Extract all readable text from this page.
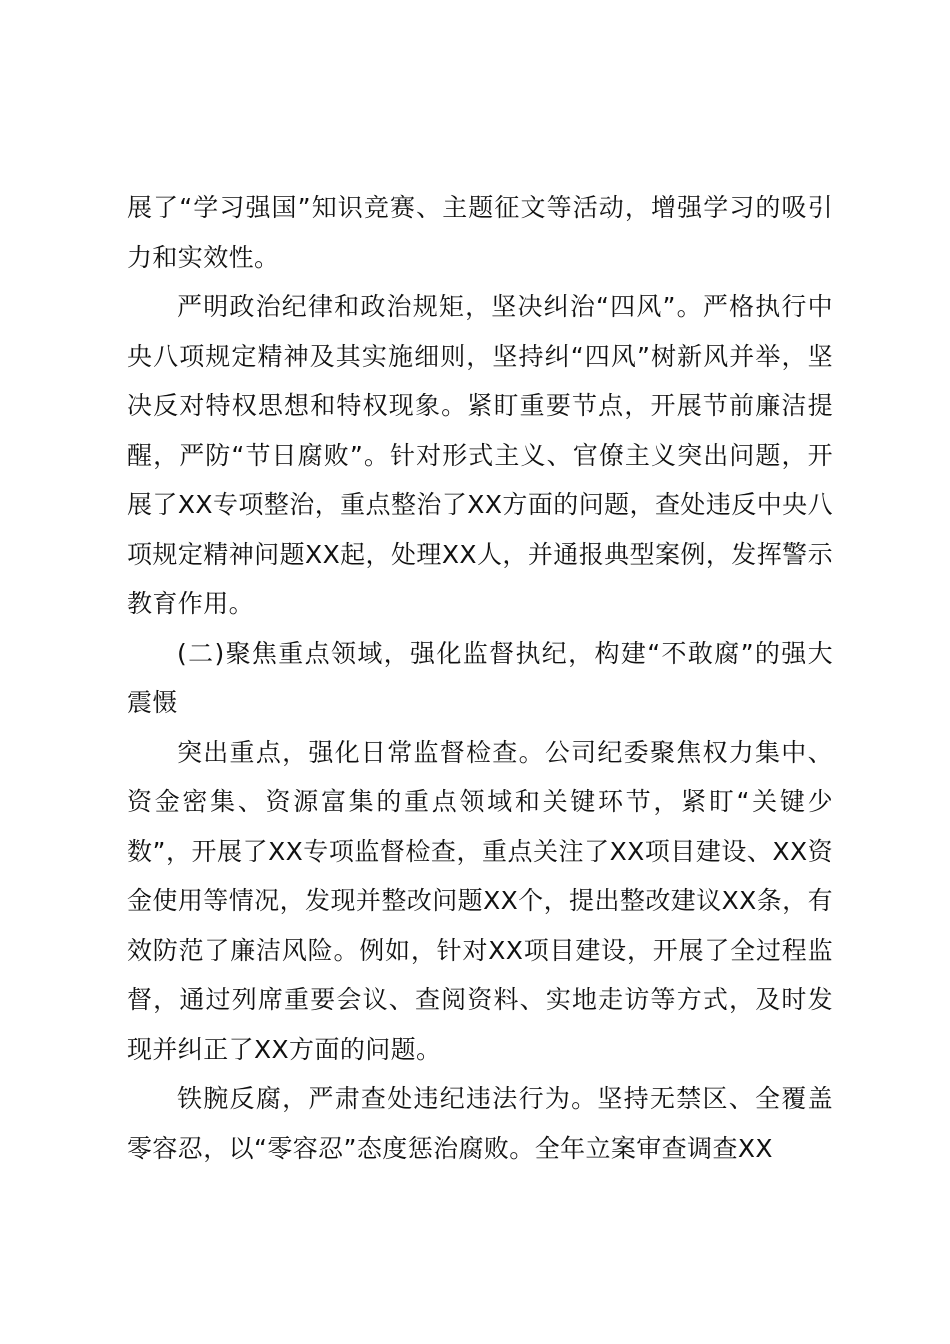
展了“学习强国”知识竞赛、主题征文等活动，增强学习的吸引力和实效性。

严明政治纪律和政治规矩，坚决纠治“四风”。严格执行中央八项规定精神及其实施细则，坚持纠“四风”树新风并举，坚决反对特权思想和特权现象。紧盯重要节点，开展节前廉洁提醒，严防“节日腐败”。针对形式主义、官僚主义突出问题，开展了XX专项整治，重点整治了XX方面的问题，查处违反中央八项规定精神问题XX起，处理XX人，并通报典型案例，发挥警示教育作用。

(二)聚焦重点领域，强化监督执纪，构建“不敢腐”的强大震慑

突出重点，强化日常监督检查。公司纪委聚焦权力集中、资金密集、资源富集的重点领域和关键环节，紧盯“关键少数”，开展了XX专项监督检查，重点关注了XX项目建设、XX资金使用等情况，发现并整改问题XX个，提出整改建议XX条，有效防范了廉洁风险。例如，针对XX项目建设，开展了全过程监督，通过列席重要会议、查阅资料、实地走访等方式，及时发现并纠正了XX方面的问题。

铁腕反腐，严肃查处违纪违法行为。坚持无禁区、全覆盖零容忍，以“零容忍”态度惩治腐败。全年立案审查调查XX
